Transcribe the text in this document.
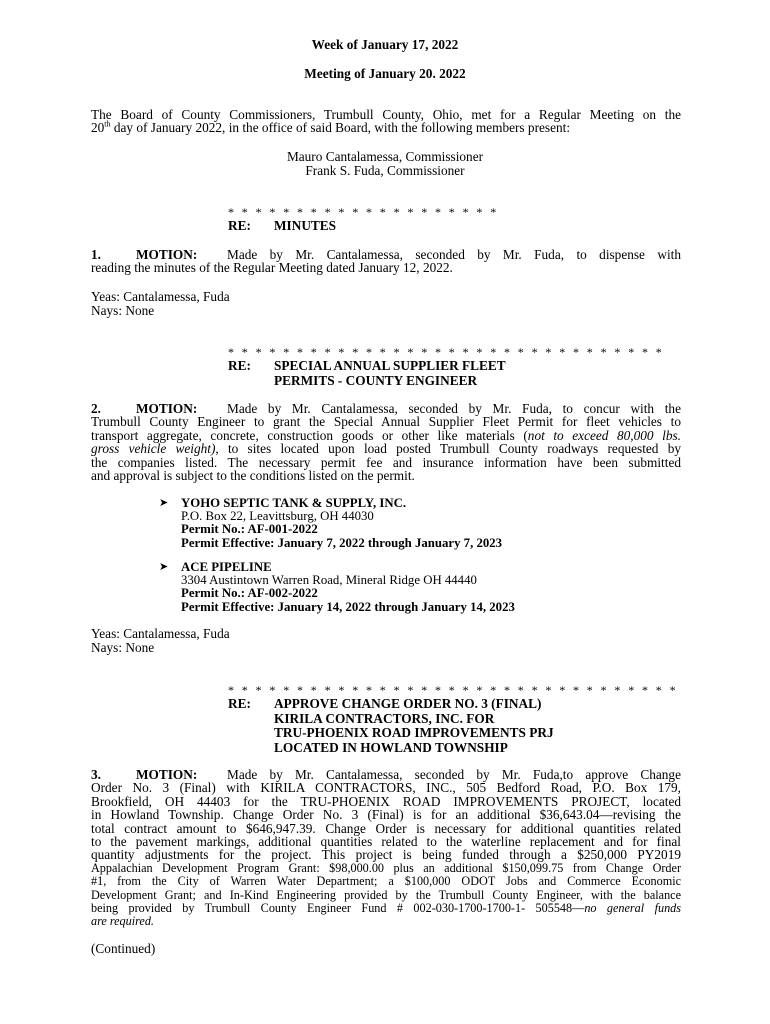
Week of January 17, 2022
Meeting of January 20. 2022
The Board of County Commissioners, Trumbull County, Ohio, met for a Regular Meeting on the
20th day of January 2022, in the office of said Board, with the following members present:
Mauro Cantalamessa, Commissioner
Frank S. Fuda, Commissioner
* * * * * * * * * * * * * * * * * * * *
RE: MINUTES
1.	MOTION: Made by Mr. Cantalamessa, seconded by Mr. Fuda, to dispense with
reading the minutes of the Regular Meeting dated January 12, 2022.
Yeas: Cantalamessa, Fuda
Nays: None
* * * * * * * * * * * * * * * * * * * * * * * * * * * * * * * *
RE: SPECIAL ANNUAL SUPPLIER FLEET
PERMITS - COUNTY ENGINEER
2.	MOTION: Made by Mr. Cantalamessa, seconded by Mr. Fuda, to concur with the
Trumbull County Engineer to grant the Special Annual Supplier Fleet Permit for fleet vehicles to
transport aggregate, concrete, construction goods or other like materials (not to exceed 80,000 lbs.
gross vehicle weight), to sites located upon load posted Trumbull County roadways requested by
the companies listed. The necessary permit fee and insurance information have been submitted
and approval is subject to the conditions listed on the permit.
➤ YOHO SEPTIC TANK & SUPPLY, INC.
P.O. Box 22, Leavittsburg, OH 44030
Permit No.: AF-001-2022
Permit Effective: January 7, 2022 through January 7, 2023
➤ ACE PIPELINE
3304 Austintown Warren Road, Mineral Ridge OH 44440
Permit No.: AF-002-2022
Permit Effective: January 14, 2022 through January 14, 2023
Yeas: Cantalamessa, Fuda
Nays: None
* * * * * * * * * * * * * * * * * * * * * * * * * * * * * * * * *
RE: APPROVE CHANGE ORDER NO. 3 (FINAL)
KIRILA CONTRACTORS, INC. FOR
TRU-PHOENIX ROAD IMPROVEMENTS PRJ
LOCATED IN HOWLAND TOWNSHIP
3.	MOTION: Made by Mr. Cantalamessa, seconded by Mr. Fuda,to approve Change
Order No. 3 (Final) with KIRILA CONTRACTORS, INC., 505 Bedford Road, P.O. Box 179,
Brookfield, OH 44403 for the TRU-PHOENIX ROAD IMPROVEMENTS PROJECT, located
in Howland Township. Change Order No. 3 (Final) is for an additional $36,643.04—revising the
total contract amount to $646,947.39. Change Order is necessary for additional quantities related
to the pavement markings, additional quantities related to the waterline replacement and for final
quantity adjustments for the project. This project is being funded through a $250,000 PY2019
Appalachian Development Program Grant: $98,000.00 plus an additional $150,099.75 from Change Order
#1, from the City of Warren Water Department; a $100,000 ODOT Jobs and Commerce Economic
Development Grant; and In-Kind Engineering provided by the Trumbull County Engineer, with the balance
being provided by Trumbull County Engineer Fund # 002-030-1700-1700-1- 505548—no general funds
are required.
(Continued)
